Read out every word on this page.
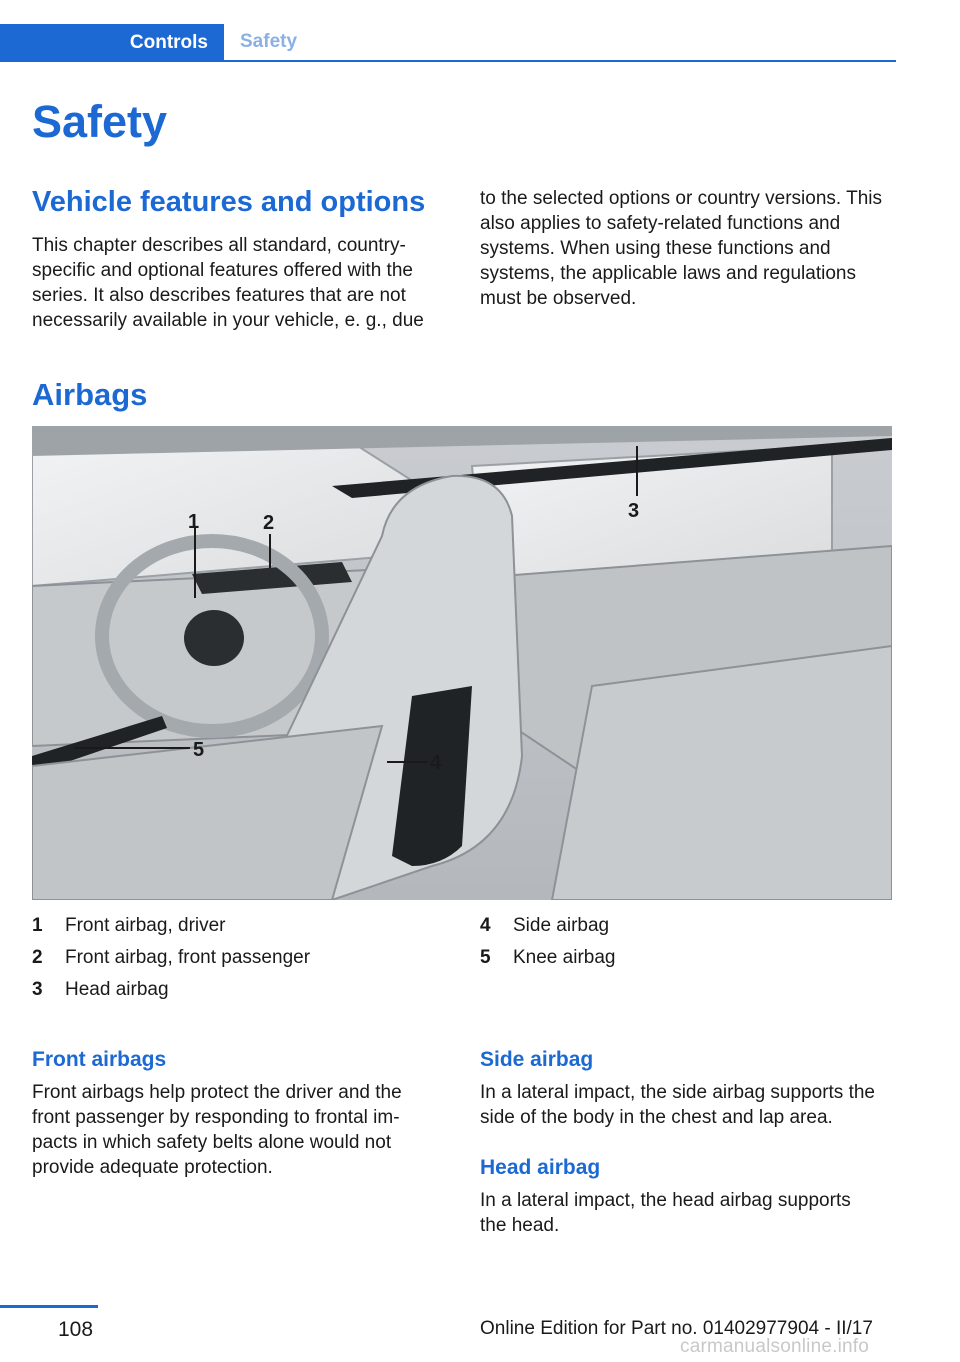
Controls	Safety
Safety
Vehicle features and options

This chapter describes all standard, country-specific and optional features offered with the series. It also describes features that are not necessarily available in your vehicle, e. g., due

to the selected options or country versions. This also applies to safety-related functions and systems. When using these functions and systems, the applicable laws and regulations must be observed.

Airbags
1	2
3
4
5
1	Front airbag, driver
2	Front airbag, front passenger
3	Head airbag
4	Side airbag
5	Knee airbag
Front airbags

Front airbags help protect the driver and the front passenger by responding to frontal im- pacts in which safety belts alone would not provide adequate protection.

Side airbag

In a lateral impact, the side airbag supports the side of the body in the chest and lap area.

Head airbag

In a lateral impact, the head airbag supports the head.

108	Online Edition for Part no. 01402977904 - II/17
carmanualsonline.info
